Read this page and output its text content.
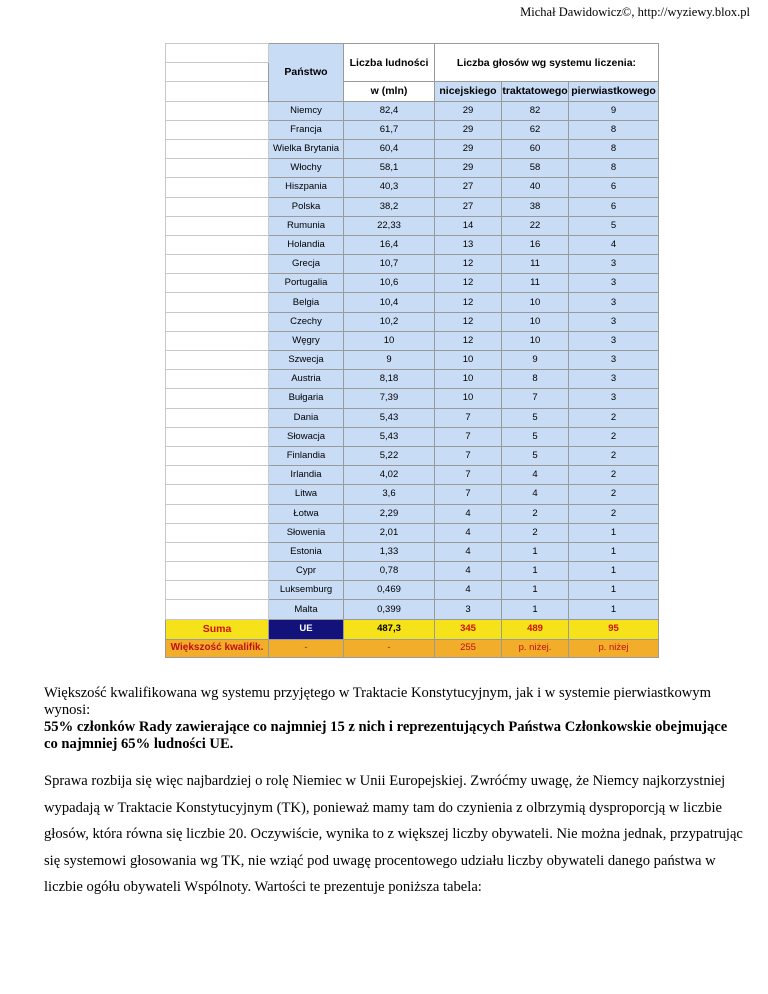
Michał Dawidowicz©, http://wyziewy.blox.pl
	Państwo	Liczba ludności	Liczba głosów wg systemu liczenia:		

		w (mln)	nicejskiego	traktatowego	pierwiastkowego
	Niemcy	82,4	29	82	9
	Francja	61,7	29	62	8
	Wielka Brytania	60,4	29	60	8
	Włochy	58,1	29	58	8
	Hiszpania	40,3	27	40	6
	Polska	38,2	27	38	6
	Rumunia	22,33	14	22	5
	Holandia	16,4	13	16	4
	Grecja	10,7	12	11	3
	Portugalia	10,6	12	11	3
	Belgia	10,4	12	10	3
	Czechy	10,2	12	10	3
	Węgry	10	12	10	3
	Szwecja	9	10	9	3
	Austria	8,18	10	8	3
	Bułgaria	7,39	10	7	3
	Dania	5,43	7	5	2
	Słowacja	5,43	7	5	2
	Finlandia	5,22	7	5	2
	Irlandia	4,02	7	4	2
	Litwa	3,6	7	4	2
	Łotwa	2,29	4	2	2
	Słowenia	2,01	4	2	1
	Estonia	1,33	4	1	1
	Cypr	0,78	4	1	1
	Luksemburg	0,469	4	1	1
	Malta	0,399	3	1	1
Suma	UE	487,3	345	489	95
Większość kwalifik.	-	-	255	p. niżej.	p. niżej
Większość kwalifikowana wg systemu przyjętego w Traktacie Konstytucyjnym, jak i w systemie pierwiastkowym wynosi:
55% członków Rady zawierające co najmniej 15 z nich i reprezentujących Państwa Członkowskie obejmujące co najmniej 65% ludności UE.
Sprawa rozbija się więc najbardziej o rolę Niemiec w Unii Europejskiej. Zwróćmy uwagę, że Niemcy najkorzystniej wypadają w Traktacie Konstytucyjnym (TK), ponieważ mamy tam do czynienia z olbrzymią dysproporcją w liczbie głosów, która równa się liczbie 20. Oczywiście, wynika to z większej liczby obywateli. Nie można jednak, przypatrując się systemowi głosowania wg TK, nie wziąć pod uwagę procentowego udziału liczby obywateli danego państwa w liczbie ogółu obywateli Wspólnoty. Wartości te prezentuje poniższa tabela:
